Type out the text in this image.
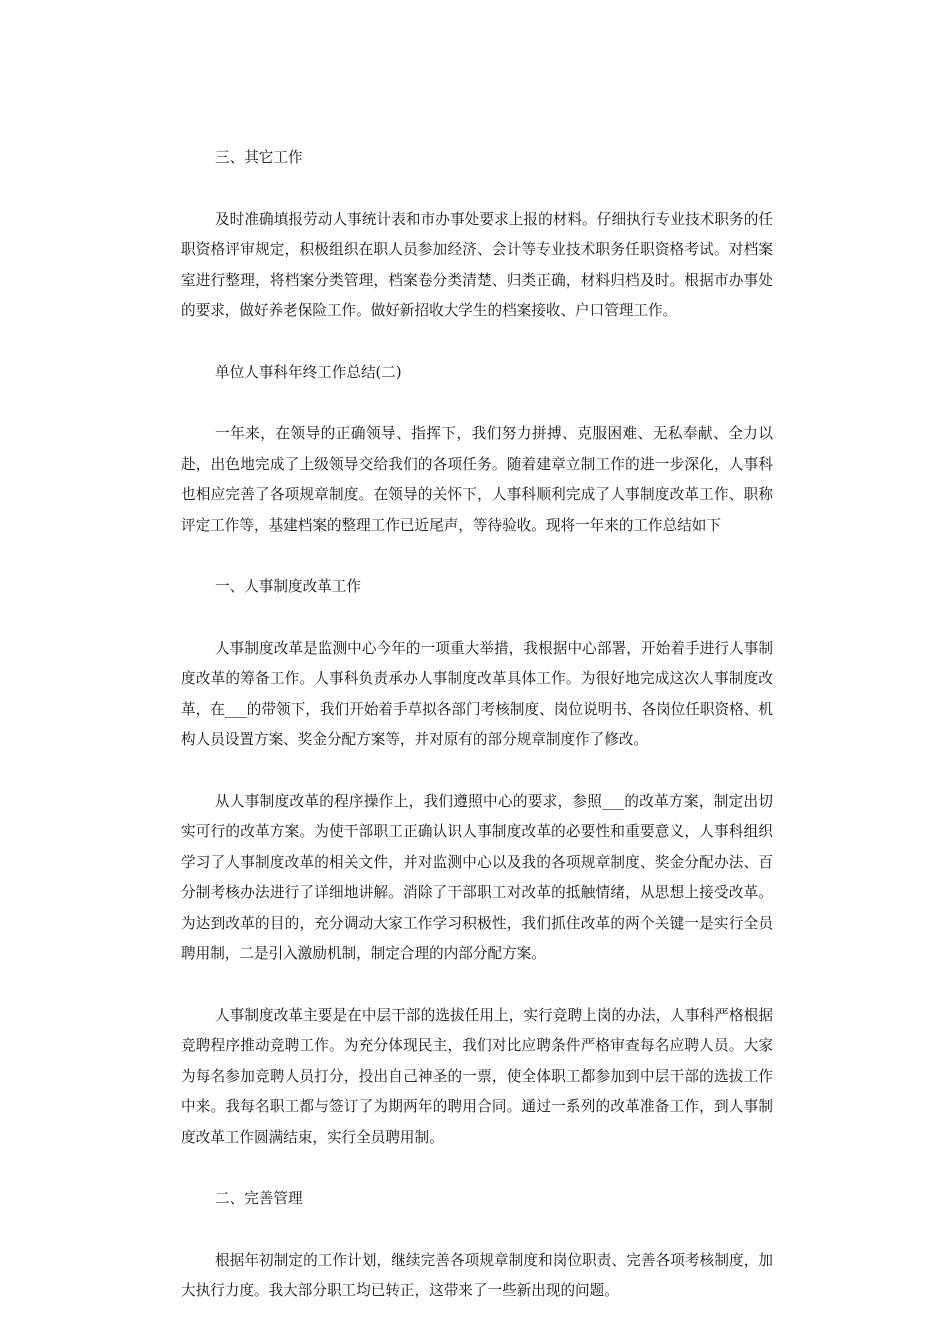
三、其它工作

及时准确填报劳动人事统计表和市办事处要求上报的材料。仔细执行专业技术职务的任职资格评审规定，积极组织在职人员参加经济、会计等专业技术职务任职资格考试。对档案室进行整理，将档案分类管理，档案卷分类清楚、归类正确，材料归档及时。根据市办事处的要求，做好养老保险工作。做好新招收大学生的档案接收、户口管理工作。

单位人事科年终工作总结(二)

一年来，在领导的正确领导、指挥下，我们努力拼搏、克服困难、无私奉献、全力以赴，出色地完成了上级领导交给我们的各项任务。随着建章立制工作的进一步深化，人事科也相应完善了各项规章制度。在领导的关怀下，人事科顺利完成了人事制度改革工作、职称评定工作等，基建档案的整理工作已近尾声，等待验收。现将一年来的工作总结如下

一、人事制度改革工作

人事制度改革是监测中心今年的一项重大举措，我根据中心部署，开始着手进行人事制度改革的筹备工作。人事科负责承办人事制度改革具体工作。为很好地完成这次人事制度改革，在___的带领下，我们开始着手草拟各部门考核制度、岗位说明书、各岗位任职资格、机构人员设置方案、奖金分配方案等，并对原有的部分规章制度作了修改。

从人事制度改革的程序操作上，我们遵照中心的要求，参照___的改革方案，制定出切实可行的改革方案。为使干部职工正确认识人事制度改革的必要性和重要意义，人事科组织学习了人事制度改革的相关文件，并对监测中心以及我的各项规章制度、奖金分配办法、百分制考核办法进行了详细地讲解。消除了干部职工对改革的抵触情绪，从思想上接受改革。为达到改革的目的，充分调动大家工作学习积极性，我们抓住改革的两个关键一是实行全员聘用制，二是引入激励机制，制定合理的内部分配方案。

人事制度改革主要是在中层干部的选拔任用上，实行竞聘上岗的办法，人事科严格根据竞聘程序推动竞聘工作。为充分体现民主，我们对比应聘条件严格审查每名应聘人员。大家为每名参加竞聘人员打分，投出自己神圣的一票，使全体职工都参加到中层干部的选拔工作中来。我每名职工都与签订了为期两年的聘用合同。通过一系列的改革准备工作，到人事制度改革工作圆满结束，实行全员聘用制。

二、完善管理

根据年初制定的工作计划，继续完善各项规章制度和岗位职责、完善各项考核制度，加大执行力度。我大部分职工均已转正，这带来了一些新出现的问题。
